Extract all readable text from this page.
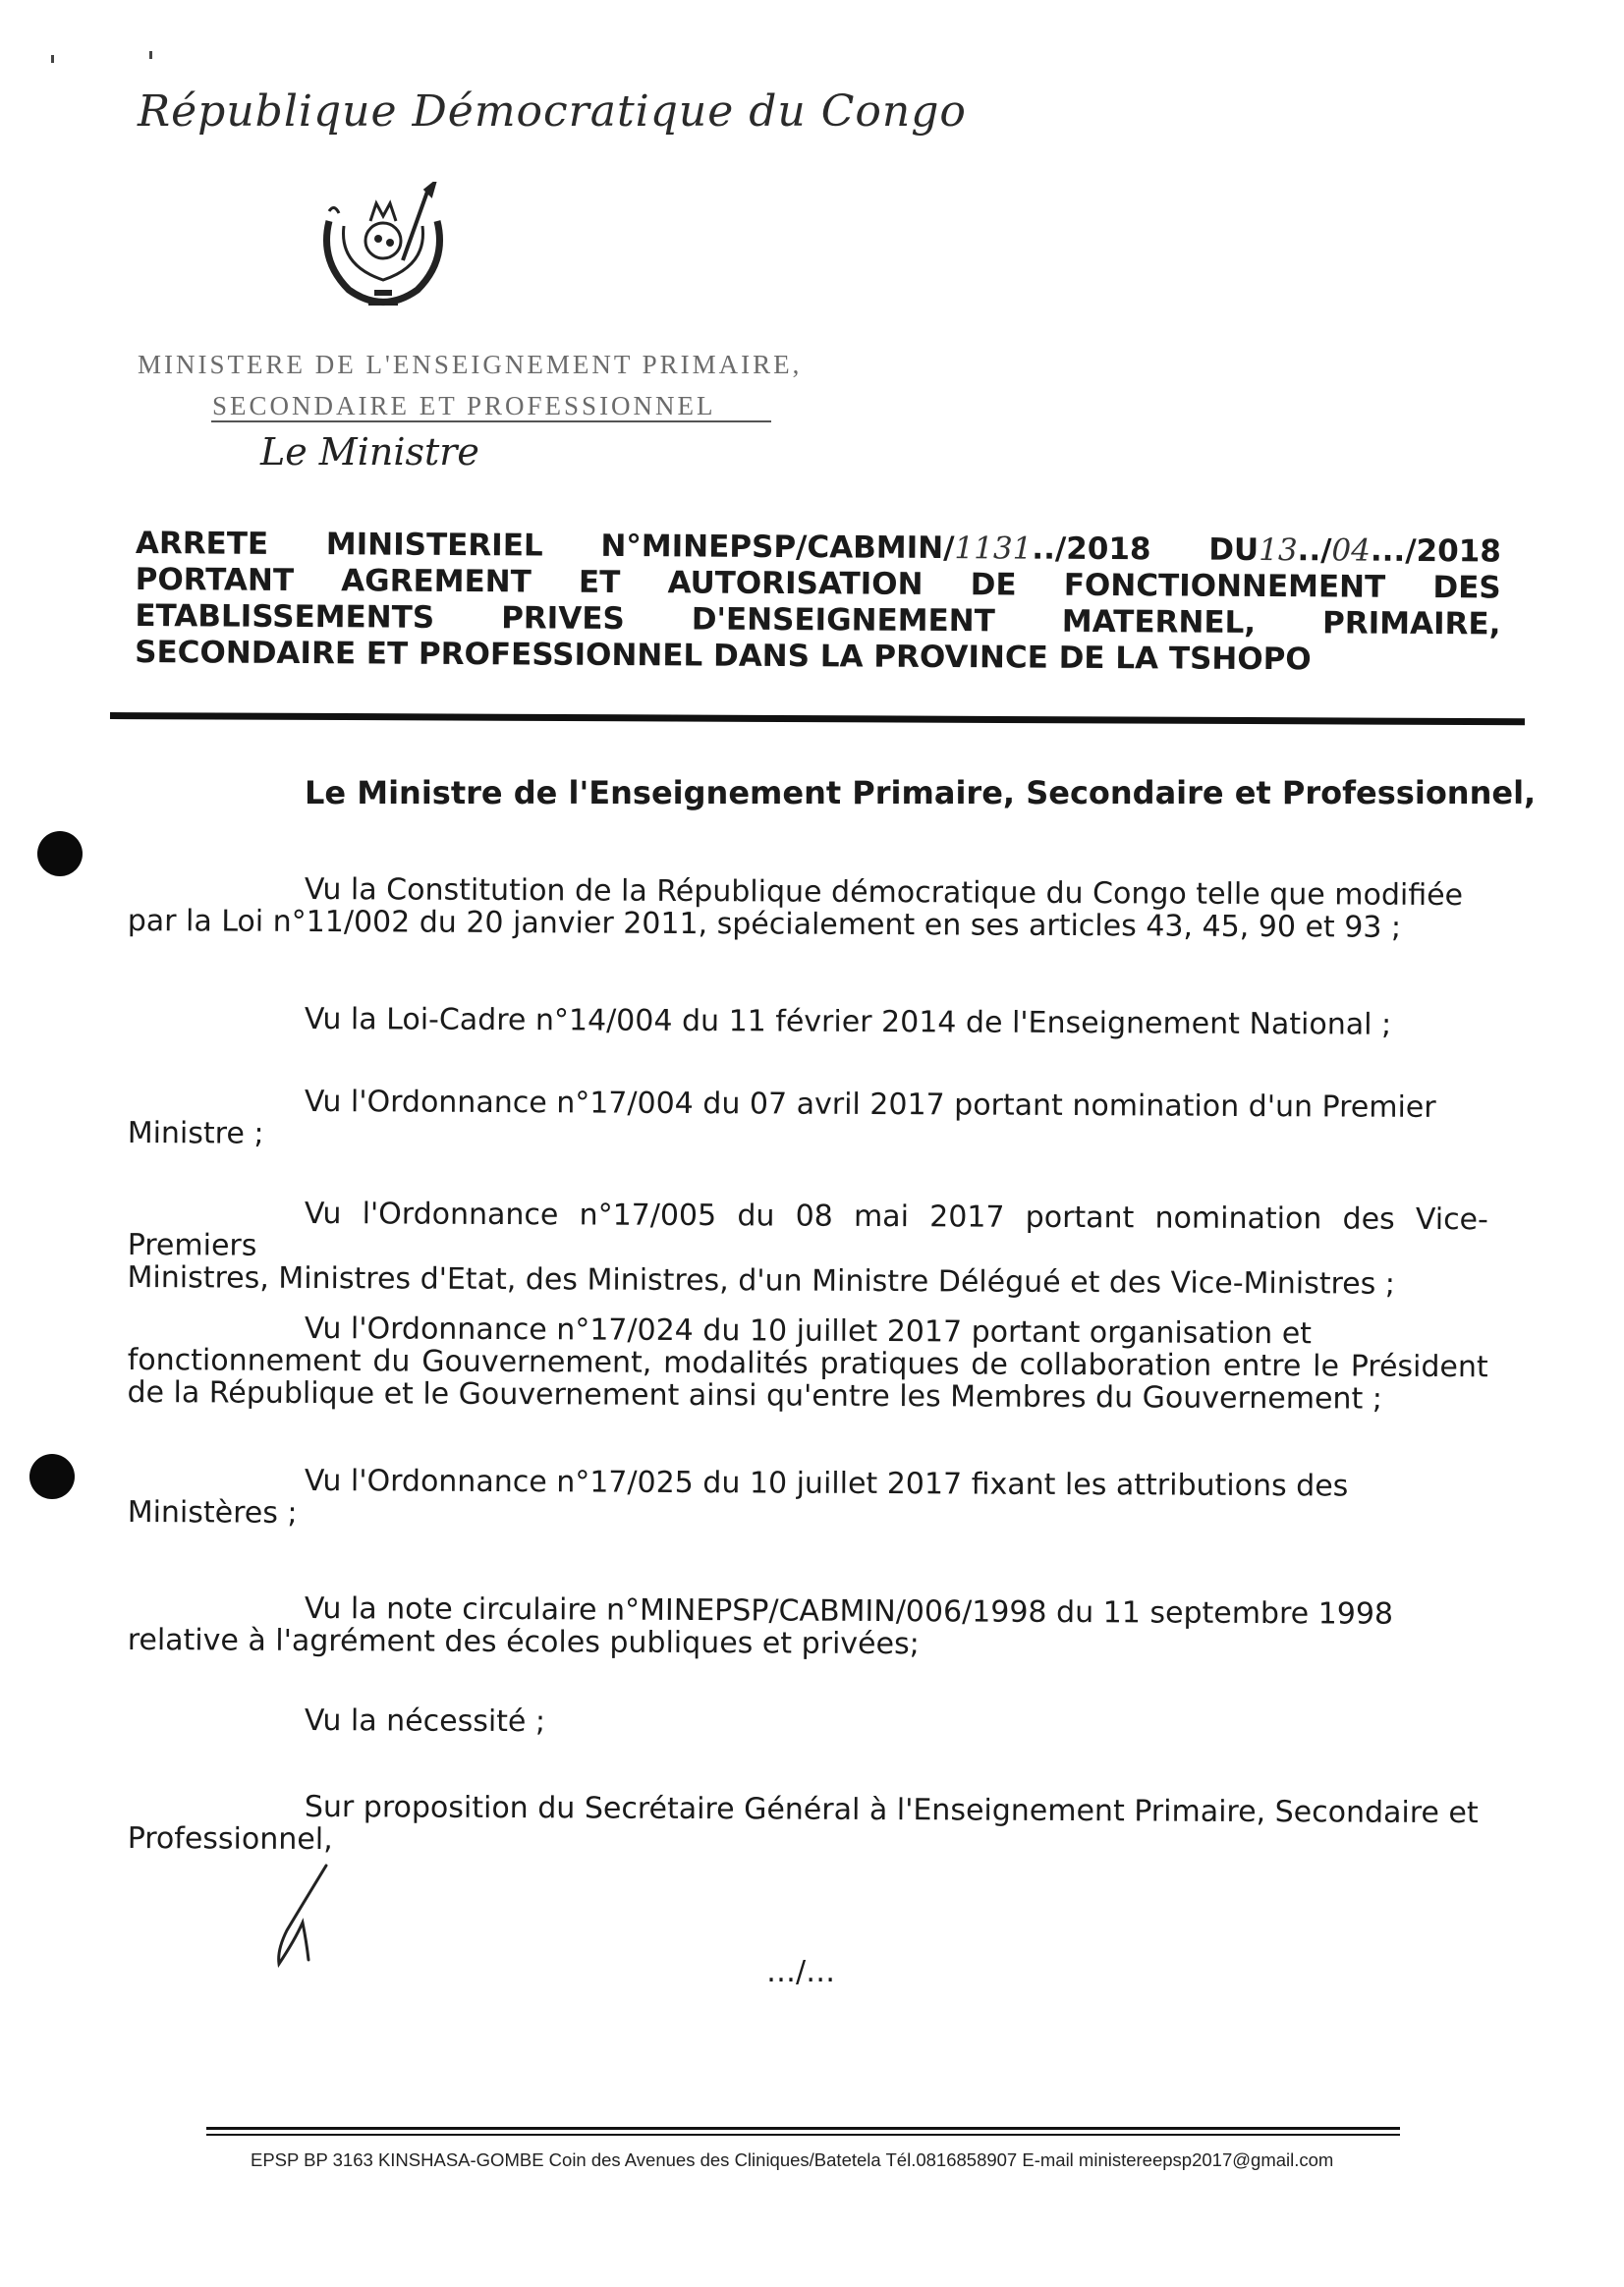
République Démocratique du Congo
MINISTERE DE L'ENSEIGNEMENT PRIMAIRE,
SECONDAIRE ET PROFESSIONNEL
Le Ministre
ARRETE MINISTERIEL N°MINEPSP/CABMIN/1131../2018 DU13../04.../2018
PORTANT AGREMENT ET AUTORISATION DE FONCTIONNEMENT DES
ETABLISSEMENTS PRIVES D'ENSEIGNEMENT MATERNEL, PRIMAIRE,
SECONDAIRE ET PROFESSIONNEL DANS LA PROVINCE DE LA TSHOPO
Le Ministre de l'Enseignement Primaire, Secondaire et Professionnel,
Vu la Constitution de la République démocratique du Congo telle que modifiée
par la Loi n°11/002 du 20 janvier 2011, spécialement en ses articles 43, 45, 90 et 93 ;
Vu la Loi-Cadre n°14/004 du 11 février 2014 de l'Enseignement National ;
Vu l'Ordonnance n°17/004 du 07 avril 2017 portant nomination d'un Premier
Ministre ;
Vu l'Ordonnance n°17/005 du 08 mai 2017 portant nomination des Vice-Premiers
Ministres, Ministres d'Etat, des Ministres, d'un Ministre Délégué et des Vice-Ministres ;
Vu l'Ordonnance n°17/024 du 10 juillet 2017 portant organisation et
fonctionnement du Gouvernement, modalités pratiques de collaboration entre le Président de la République et le Gouvernement ainsi qu'entre les Membres du Gouvernement ;
Vu l'Ordonnance n°17/025 du 10 juillet 2017 fixant les attributions des
Ministères ;
Vu la note circulaire n°MINEPSP/CABMIN/006/1998 du 11 septembre 1998
relative à l'agrément des écoles publiques et privées;
Vu la nécessité ;
Sur proposition du Secrétaire Général à l'Enseignement Primaire, Secondaire et
Professionnel,
…/…
EPSP BP 3163 KINSHASA-GOMBE Coin des Avenues des Cliniques/Batetela Tél.0816858907 E-mail ministereepsp2017@gmail.com
